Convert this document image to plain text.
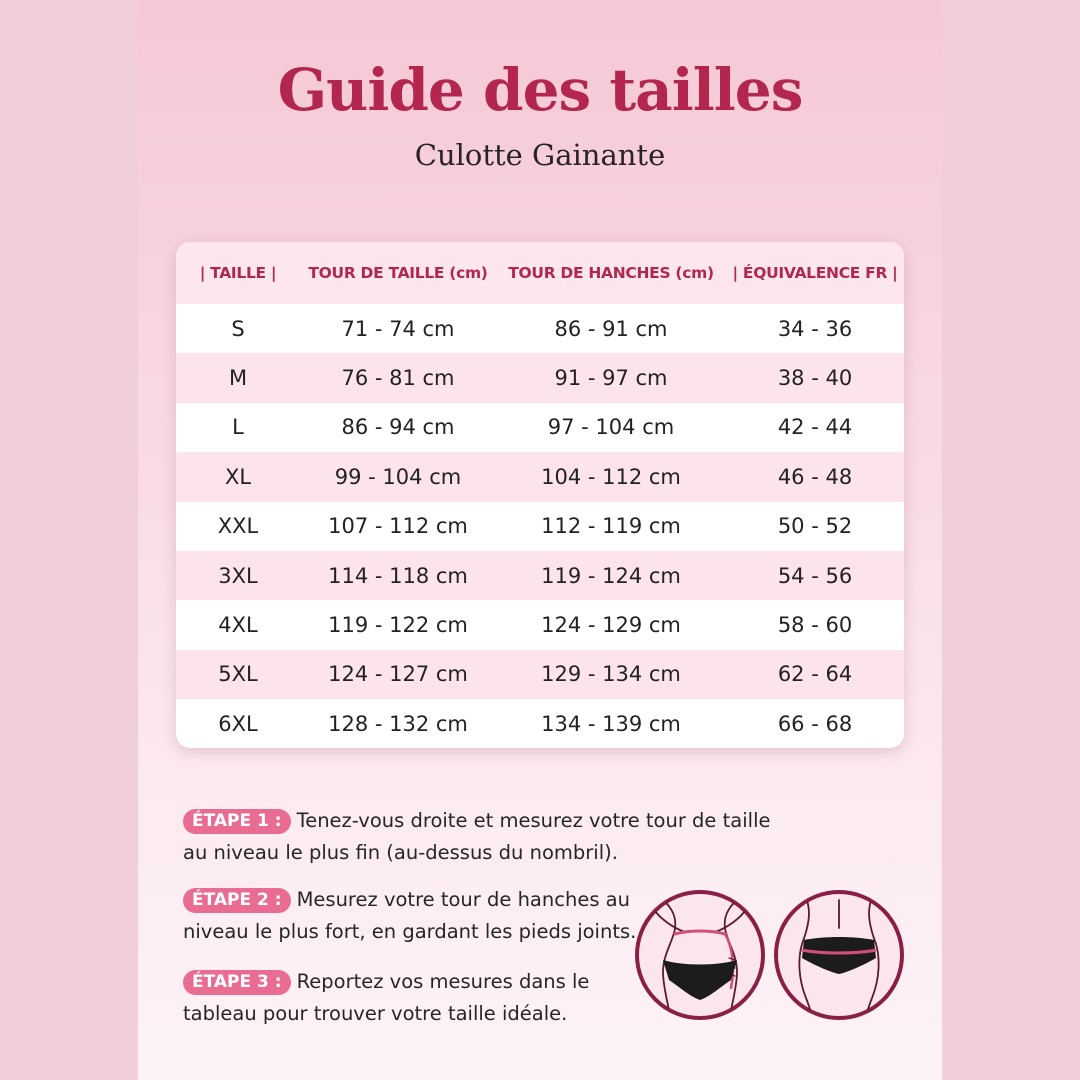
Guide des tailles
Culotte Gainante
| TAILLE |	TOUR DE TAILLE (cm)	TOUR DE HANCHES (cm)	| ÉQUIVALENCE FR |
S	71 - 74 cm	86 - 91 cm	34 - 36
M	76 - 81 cm	91 - 97 cm	38 - 40
L	86 - 94 cm	97 - 104 cm	42 - 44
XL	99 - 104 cm	104 - 112 cm	46 - 48
XXL	107 - 112 cm	112 - 119 cm	50 - 52
3XL	114 - 118 cm	119 - 124 cm	54 - 56
4XL	119 - 122 cm	124 - 129 cm	58 - 60
5XL	124 - 127 cm	129 - 134 cm	62 - 64
6XL	128 - 132 cm	134 - 139 cm	66 - 68
ÉTAPE 1 : Tenez-vous droite et mesurez votre tour de taille
au niveau le plus fin (au-dessus du nombril).
ÉTAPE 2 : Mesurez votre tour de hanches au
niveau le plus fort, en gardant les pieds joints.
ÉTAPE 3 : Reportez vos mesures dans le
tableau pour trouver votre taille idéale.
